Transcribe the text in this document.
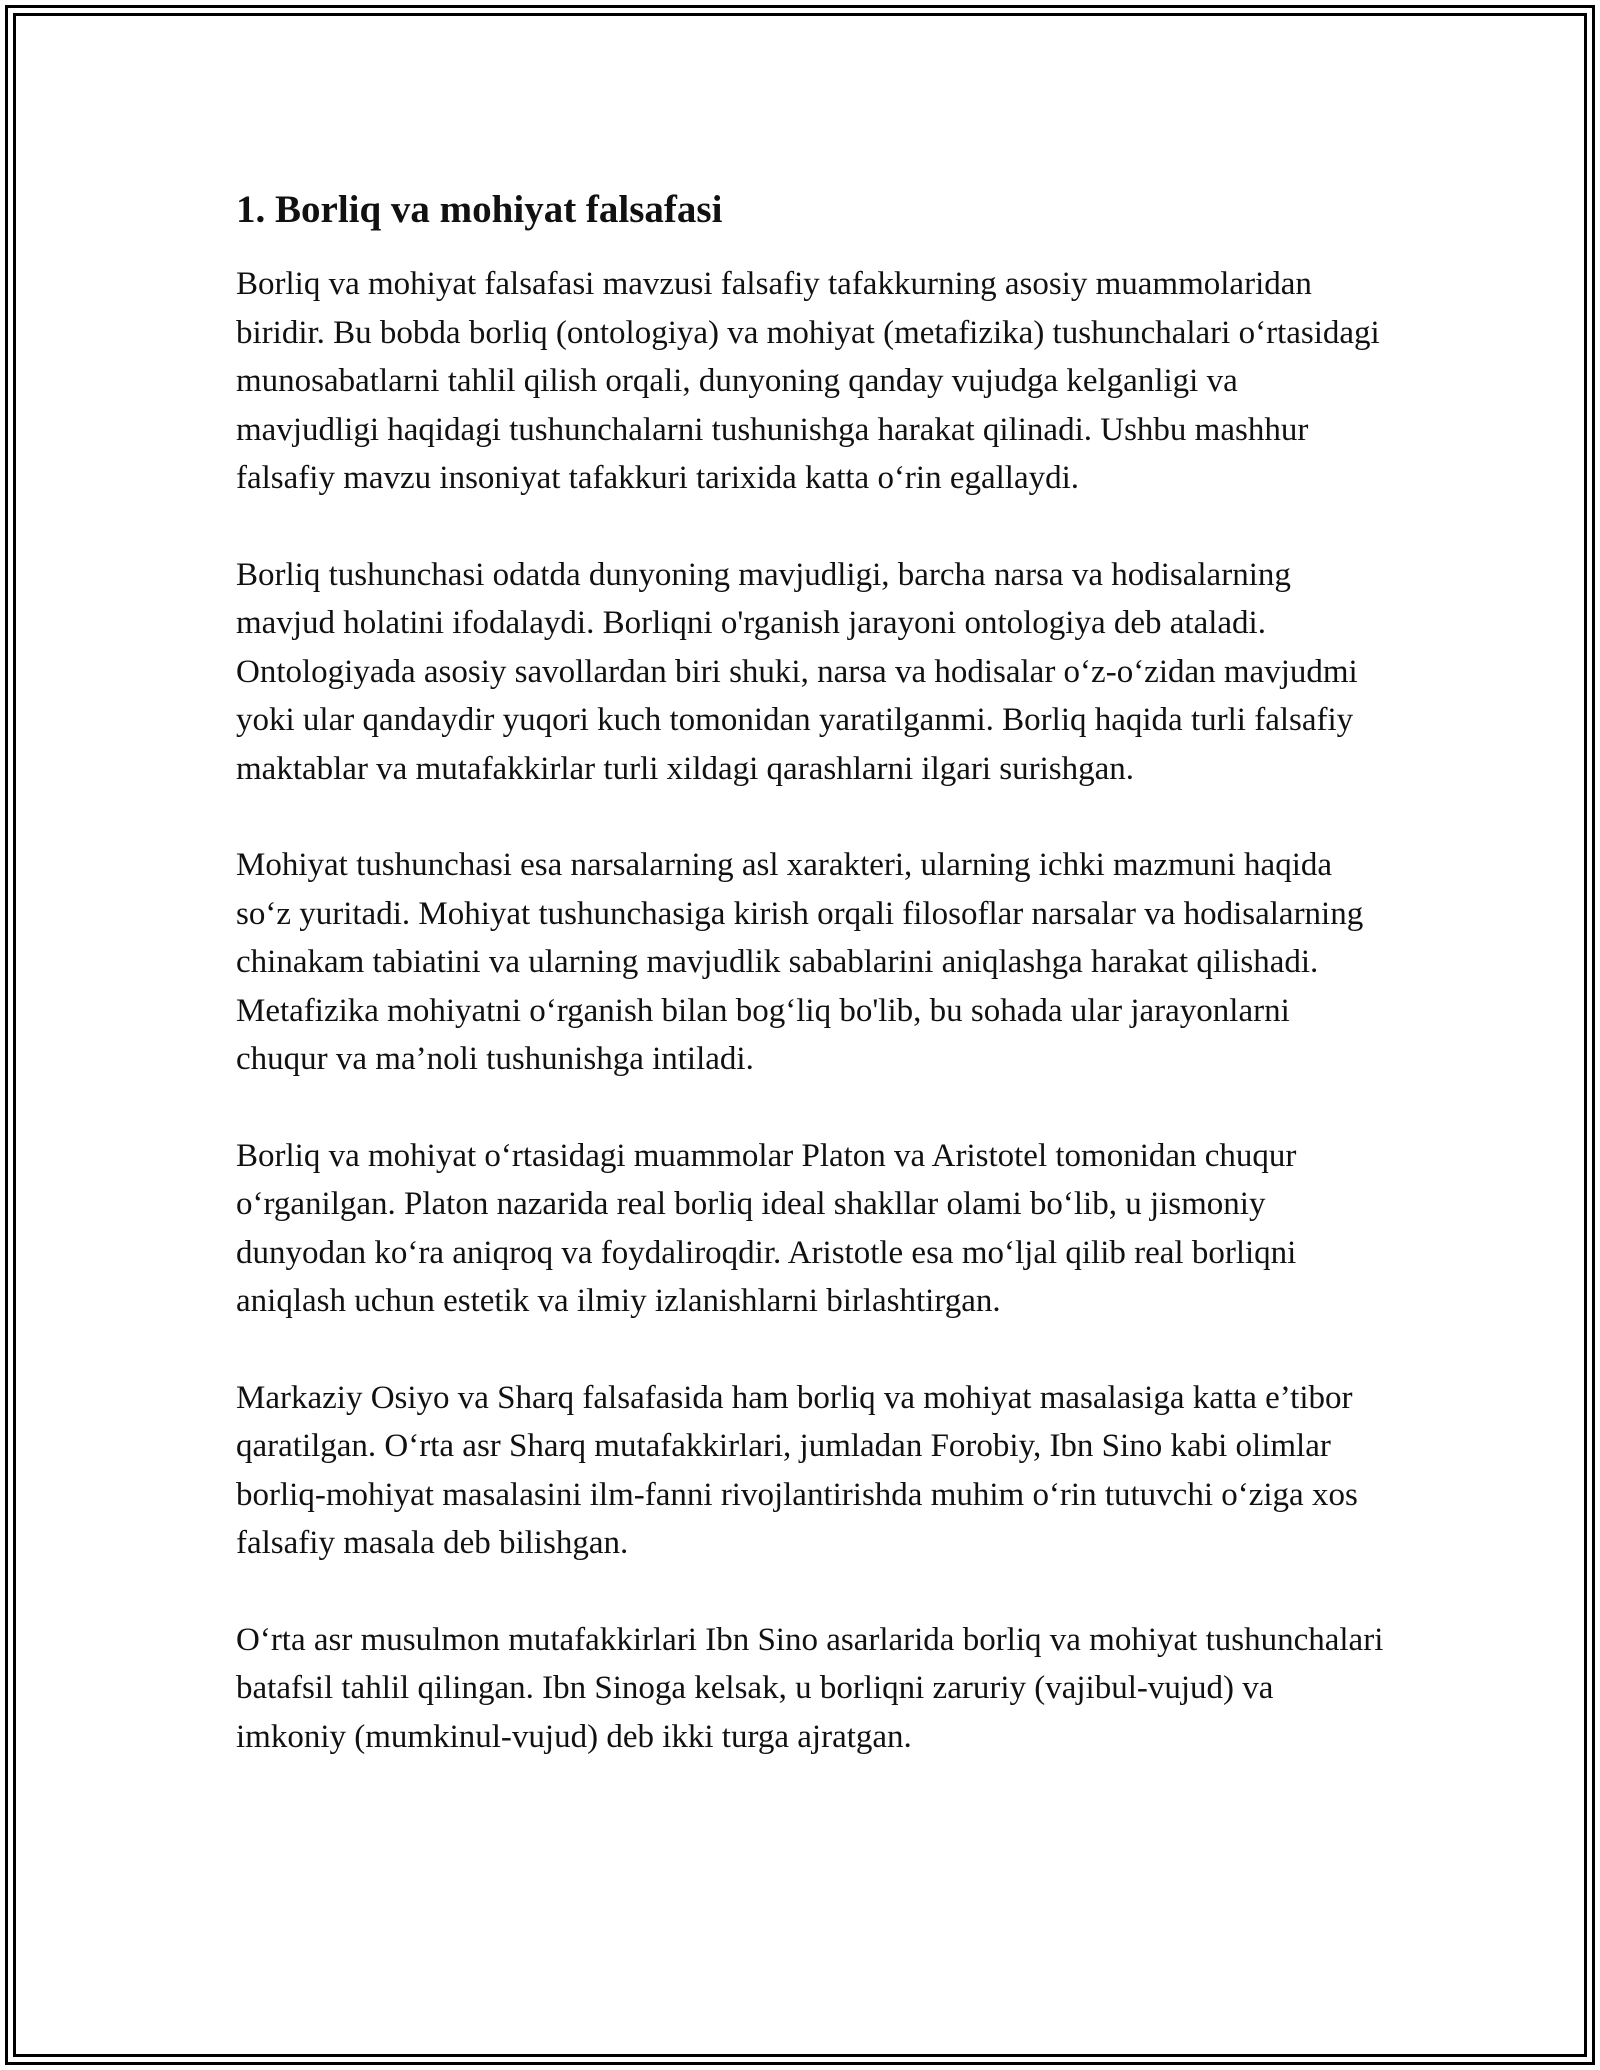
1. Borliq va mohiyat falsafasi

Borliq va mohiyat falsafasi mavzusi falsafiy tafakkurning asosiy muammolaridan biridir. Bu bobda borliq (ontologiya) va mohiyat (metafizika) tushunchalari oʻrtasidagi munosabatlarni tahlil qilish orqali, dunyoning qanday vujudga kelganligi va mavjudligi haqidagi tushunchalarni tushunishga harakat qilinadi. Ushbu mashhur falsafiy mavzu insoniyat tafakkuri tarixida katta oʻrin egallaydi.

Borliq tushunchasi odatda dunyoning mavjudligi, barcha narsa va hodisalarning mavjud holatini ifodalaydi. Borliqni o'rganish jarayoni ontologiya deb ataladi. Ontologiyada asosiy savollardan biri shuki, narsa va hodisalar oʻz-oʻzidan mavjudmi yoki ular qandaydir yuqori kuch tomonidan yaratilganmi. Borliq haqida turli falsafiy maktablar va mutafakkirlar turli xildagi qarashlarni ilgari surishgan.

Mohiyat tushunchasi esa narsalarning asl xarakteri, ularning ichki mazmuni haqida soʻz yuritadi. Mohiyat tushunchasiga kirish orqali filosoflar narsalar va hodisalarning chinakam tabiatini va ularning mavjudlik sabablarini aniqlashga harakat qilishadi. Metafizika mohiyatni oʻrganish bilan bogʻliq bo'lib, bu sohada ular jarayonlarni chuqur va ma’noli tushunishga intiladi.

Borliq va mohiyat oʻrtasidagi muammolar Platon va Aristotel tomonidan chuqur oʻrganilgan. Platon nazarida real borliq ideal shakllar olami boʻlib, u jismoniy dunyodan koʻra aniqroq va foydaliroqdir. Aristotle esa moʻljal qilib real borliqni aniqlash uchun estetik va ilmiy izlanishlarni birlashtirgan.

Markaziy Osiyo va Sharq falsafasida ham borliq va mohiyat masalasiga katta e’tibor qaratilgan. Oʻrta asr Sharq mutafakkirlari, jumladan Forobiy, Ibn Sino kabi olimlar borliq-mohiyat masalasini ilm-fanni rivojlantirishda muhim oʻrin tutuvchi oʻziga xos falsafiy masala deb bilishgan.

Oʻrta asr musulmon mutafakkirlari Ibn Sino asarlarida borliq va mohiyat tushunchalari batafsil tahlil qilingan. Ibn Sinoga kelsak, u borliqni zaruriy (vajibul-vujud) va imkoniy (mumkinul-vujud) deb ikki turga ajratgan.
